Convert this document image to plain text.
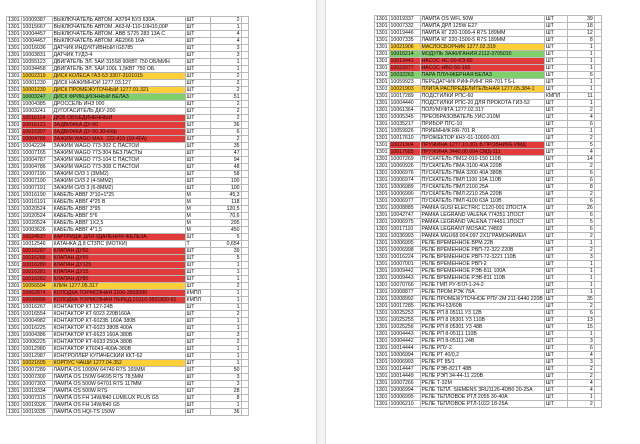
1301	10009387	ВЫКЛЮЧАТЕЛЬ АВТОМ. А3794 БУ3 630А	ШТ	2	
1301	10015667	ВЫКЛЮЧАТЕЛЬ АВТОМ. А63-М-110-10Н10,00Р	ШТ	1	
1301	10004457	ВЫКЛЮЧАТЕЛЬ АВТОМ. ABB S725 283 13А С	ШТ	4	
1301	10004457	ВЫКЛЮЧАТЕЛЬ АВТОМ. АЕ2066 16А	ШТ	4	
1301	10016036	ДАТЧИК ИНДУКТИВНЫЙ IG5785	ШТ	3	
1301	10003831	ДАТЧИК ТУДЗ-4	ШТ	3	
1301	10055123	ДВИГАТЕЛЬ ЭЛ. 5АИ 315S8 90КВТ 750 ОБ/МИН	ШТ	1	
1301	10034458	ДВИГАТЕЛЬ ЭЛ. 5АИ 100L 1,5КВТ 750 ОБ.	ШТ	1	
1301	10002319	ДИСК КОЛЕСА ГАЗ-53 3307-3101015	ШТ	2	
1301	10001230	ДИСК НАЖИМНОЙ 1277.03.127	ШТ	2	
1301	10001230	ДИСК ПРОМЕЖУТОЧНЫЙ 1277.01.321	ШТ	2	
1301	10003247	ДИСК ФРИКЦИОННЫЙ БЕЛАЗ	ШТ	51	
1301	10004385	ДРОССЕЛЬ ИНЗ 000	ШТ	2	
1301	10003241	ДУГОГАСИТЕЛЬ ДКУ-200	ШТ	2	
1301	10016114	ДЮБ ОБЪЕДИНЕННЫЙ	ШТ	2	
1301	10016121	ЗАДВИЖКА ДУ-50	ШТ	36	
1301	10016397	ЗАДВИЖКА ДУ-50 30ч6бр	ШТ	6	
1301	10004789	ЗАЖИМ WAGO MAX. 222-415 (10-40А)	ШТ	2	
1301	10042234	ЗАЖИМ WAGO 773-302 С ПАСТОЙ	ШТ	35	
1301	10007165	ЗАЖИМ WAGO 773-304 БЕЗ ПАСТЫ	ШТ	47	
1301	10004787	ЗАЖИМ WAGO 773-104 С ПАСТОЙ	ШТ	94	
1301	10004786	ЗАЖИМ WAGO 773-308 С ПАСТОЙ	ШТ	48	
1301	10007190	ЗАЖИМ СИЗ 1 (3ММ2)	ШТ	58	
1301	10007190	ЗАЖИМ СИЗ 2 (4-5ММ2)	ШТ	100	
1301	10007191	ЗАЖИМ СИЗ 3 (6-8ММ2)	ШТ	100	
1301	10016190	КАБЕЛЬ АВВГ 3*10+1*25	М	45,3	
1301	10016191	КАБЕЛЬ АВВГ 4*25 В	М	118	
1301	10020524	КАБЕЛЬ АВВГ 3*95	М	120,5	
1301	10020524	КАБЕЛЬ АВВГ 5*6	М	70,6	
1301	10020524	КАБЕЛЬ АВВГ 1Х2,5	М	295	
1301	10003626	КАБЕЛЬ АВВГ 4*1,5	М	450	
1301	10024537	КАРТРИДЖ ДЛЯ УДАЛЕНИЯ ЖЕЛЕЗА	ШТ	5	
1301	10012546	КАТАНКА Д.8 СТ3ПС (МОТКИ)	Т	0,654	
1301	10016287	КЛАПАН ДУ50	ШТ	39	
1301	10016288	КЛАПАН ДУ65	ШТ	5	
1301	10016280	КЛАПАН ДУ125	ШТ	1	
1301	10016281	КЛАПАН ДУ15	ШТ	1	
1301	10016282	КЛАПАН ДУ80	ШТ	1	
1301	10056594	КЛИН 1277.05.317	ШТ	2	
1301	10062874	КОЛОДКА ТОРМОЗНАЯ 2106-3502090	КМПЛ	1	
1301	10039996	КОЛОДКА ТОРМОЗНАЯ ПЕРЕД.21010-3501800-91	КМПЛ	1	
1301	10016267	КОНТАКТОР КТ 127-24В	ШТ	1	
1301	10016554	КОНТАКТОР КТ 6023 220В160А	ШТ	2	
1301	10004982	КОНТАКТОР КТ-6023Б 160А 380В	ШТ	1	
1301	10016225	КОНТАКТОР КТ-6023 380В 400А	ШТ	1	
1301	10004386	КОНТАКТОР КТ-6623 160А 380В	ШТ	3	
1301	10006225	КОНТАКТОР КТ-6633 250А 380В	ШТ	2	
1301	10012980	КОНТАКТОР КТ6043-400А-380В	ШТ	1	
1301	10012987	КОНТРОЛЛЕР КУПАЧЕСКИЙ ККТ-62	ШТ	1	
1301	10021605	КОРПУС ЧАШИ 1277.04.352	ШТ	1	
1301	10007289	ЛАМПА OS 1000W 64740 R7S 165ММ	ШТ	50	
1301	10007300	ЛАМПА OS 150W 64695 R7S 78,5ММ	ШТ	3	
1301	10007303	ЛАМПА OS 500W 64701 R7S 117ММ	ШТ	3	
1301	10019334	ЛАМПА OS 500W R7S	ШТ	28	
1301	10007315	ЛАМПА OS FH 14W/840 LUMILUX PLUS G5	ШТ	8	
1301	10019326	ЛАМПА OS FH 14W/840 G5	ШТ	1	
1301	10019335	ЛАМПА OS HQI-TS 150W	ШТ	36	
1301	10019337	ЛАМПА OS WFL 50W	ШТ	39	
1301	10007332	ЛАМПА ДРЛ 125W E27	ШТ	18	
1301	10019446	ЛАМПА КГ 220-1000-4 R7S 189ММ	ШТ	12	
1301	10007335	ЛАМПА КГ 220-1500-5 R7S 189ММ	ШТ	8	
1301	10021906	МАСЛОСБОРНИК 1277.02.319	ШТ	1	
1301	10016214	МОДУЛЬ ЗАЖИГАНИЯ 2112-3705010	ШТ	1	
1301	10013441	НАСОС НС-50-КЭ-90	ШТ	1	
1301	10022077	НАСОС НВО-50-165	ШТ	1	
1301	10032263	ПАРА ПЛУНЖЕРНАЯ БЕЛАЗ	ШТ	6	
1301	10059923	ПЕРЕДАТЧИК РИФ-РИНГ RR-701 TS-L	ШТ	1	
1301	10021903	ПЛИТА РАСПРЕДЕЛИТЕЛЬНАЯ 1277.05.384-1	ШТ	1	
1301	10017289	ПОДСТИЛКИ РПС-60	КМПЛ	11	
1301	10004440	ПОДСТИЛКИ РПС-20 ДЛЯ ПРОКОТА ГИЗ-52	ШТ	1	
1301	10061364	ПОЛУМУФТА 1277.02.317	ШТ	2	
1301	10005345	ПРЕОБРАЗОВАТЕЛЬ УИС-210М	ШТ	4	
1301	10035217	ПРИБОР ПГС-10	ШТ	6	
1301	10059926	ПРИЕМНИК RR-701 R	ШТ	1	
1301	10017610	ПРОЖЕКТОР КНУ-01-10000-001	ШТ	2	
1301	10021904	ПРУЖИНА 1277.10.301 В ПРОБНИКЕ ИМД	ШТ	5	
1301	10017685	ПРУЖИНА 3440.00.004 СМД-111	ШТ	4	
1301	10007269	ПУСКАТЕЛЬ ПМ12-010-150 110В	ШТ	14	
1301	10060926	ПУСКАТЕЛЬ ПМА 3100 40А 220В	ШТ	2	
1301	10006976	ПУСКАТЕЛЬ ПМА 3200 40А 380В	ШТ	6	
1301	10006974	ПУСКАТЕЛЬ ПМЛ 1100 10А 110В	ШТ	6	
1301	10006989	ПУСКАТЕЛЬ ПМЛ 2100 25А	ШТ	8	
1301	10006990	ПУСКАТЕЛЬ ПМЛ 2210 25А 220В	ШТ	2	
1301	10006977	ПУСКАТЕЛЬ ПМЛ 4100 63А 110В	ШТ	6	
1301	10008885	РАМКА GUSI ELECTRIC С120-001 2ПОСТА	ШТ	26	
1301	10042747	РАМКА LEGRAND VALENA 774351 1ПОСТ	ШТ	6	
1301	10006975	РАМКА LEGRAND VALENA 774451 1ПОСТ	ШТ	5	
1301	10017110	РАМКА LEGRANT MOSAIC 74802	ШТ	6	
1301	10036993	РАМКА MGU68.004.097 2Х1ГРАМОНИМЕЙ	ШТ	2	
1301	10006995	РЕЛЕ ВРЕМЕННОЕ ВРМ 22В	ШТ	1	
1301	10006998	РЕЛЕ ВРЕМЕННОЕ РВП-72-322 220В	ШТ	2	
1301	10016224	РЕЛЕ ВРЕМЕННОЕ РВП-72-3221 110В	ШТ	3	
1301	10007001	РЕЛЕ ВРЕМЕННОЕ РВП-2	ШТ	1	
1301	10009442	РЕЛЕ ВРЕМЕННОЕ РЭВ-811 100А	ШТ	1	
1301	10009443	РЕЛЕ ВРЕМЕННОЕ РЭВ-811 110В	ШТ	1	
1301	10070766	РЕЛЕ ГМП РУ-БТЛ-1-24-2	ШТ	1	
1301	10008877	РЕЛЕ ПРОМ.РЭК 78А	ШТ	1	
1301	10008992	РЕЛЕ ПРОМЕЖУТОЧНОЕ РПУ-2М 211-6440 220В	ШТ	35	
1301	10017285	РЕЛЕ РН-53/60В	ШТ	2	
1301	10025253	РЕЛЕ РП 8 05111 У3 12В	ШТ	6	
1301	10025255	РЕЛЕ РП 8 05301 У3 110В	ШТ	13	
1301	10025256	РЕЛЕ РП 8 05301 У3 48В	ШТ	15	
1301	10004443	РЕЛЕ РП 8-05111 110В	ШТ	1	
1301	10004442	РЕЛЕ РП 8-05111 24В	ШТ	3	
1301	10014444	РЕЛЕ РПУ-2	ШТ	6	
1301	10006994	РЕЛЕ РТ 40/0,2	ШТ	4	
1301	10006993	РЕЛЕ РТ 85/1	ШТ	3	
1301	10014447	РЕЛЕ РЭВ-821Т 48В	ШТ	2	
1301	10014449	РЕЛЕ РЭП 34-44-11 220В	ШТ	2	
1301	10007266	РЕЛЕ Т-32М	ШТ	4	
1301	10006994	РЕЛЕ ТЕПЛ. SIEMENS 3RU1126-4DB0 20-25А	ШТ	4	
1301	10006995	РЕЛЕ ТЕПЛОВОЕ РТЛ 2055 30-40А	ШТ	1	
1301	10006210	РЕЛЕ ТЕПЛОВОЕ РТЛ-1022 18-25А	ШТ	2	
